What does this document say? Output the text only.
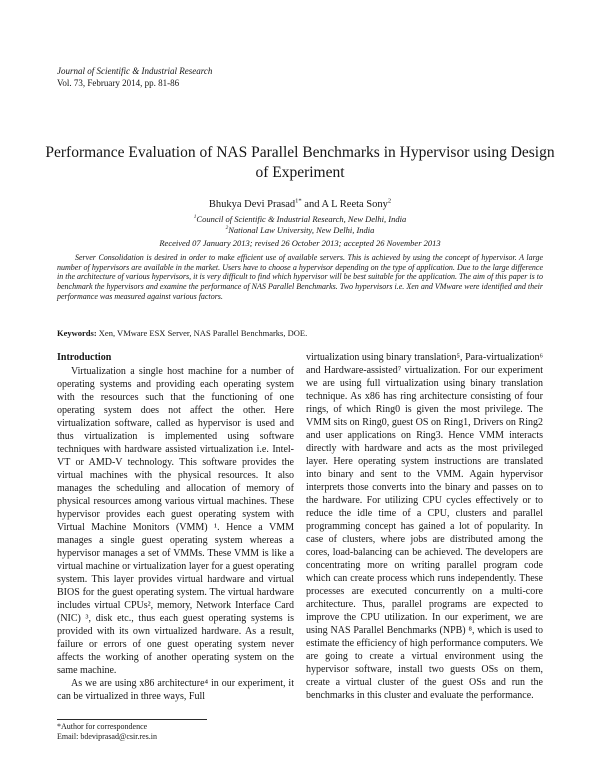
Journal of Scientific & Industrial Research
Vol. 73, February 2014, pp. 81-86
Performance Evaluation of NAS Parallel Benchmarks in Hypervisor using Design of Experiment
Bhukya Devi Prasad$^{1*}$ and A L Reeta Sony$^2$
$^1$Council of Scientific & Industrial Research, New Delhi, India
$^2$National Law University, New Delhi, India
Received 07 January 2013; revised 26 October 2013; accepted 26 November 2013

Server Consolidation is desired in order to make efficient use of available servers. This is achieved by using the concept of hypervisor. A large number of hypervisors are available in the market. Users have to choose a hypervisor depending on the type of application. Due to the large difference in the architecture of various hypervisors, it is very difficult to find which hypervisor will be best suitable for the application. The aim of this paper is to benchmark the hypervisors and examine the performance of NAS Parallel Benchmarks. Two hypervisors i.e. Xen and VMware were identified and their performance was measured against various factors.

Keywords: Xen, VMware ESX Server, NAS Parallel Benchmarks, DOE.

Introduction

Virtualization a single host machine for a number of operating systems and providing each operating system with the resources such that the functioning of one operating system does not affect the other. Here virtualization software, called as hypervisor is used and thus virtualization is implemented using software techniques with hardware assisted virtualization i.e. Intel-VT or AMD-V technology. This software provides the virtual machines with the physical resources. It also manages the scheduling and allocation of memory of physical resources among various virtual machines. These hypervisor provides each guest operating system with Virtual Machine Monitors (VMM) ¹. Hence a VMM manages a single guest operating system whereas a hypervisor manages a set of VMMs. These VMM is like a virtual machine or virtualization layer for a guest operating system. This layer provides virtual hardware and virtual BIOS for the guest operating system. The virtual hardware includes virtual CPUs², memory, Network Interface Card (NIC) ³, disk etc., thus each guest operating systems is provided with its own virtualized hardware. As a result, failure or errors of one guest operating system never affects the working of another operating system on the same machine.

As we are using x86 architecture⁴ in our experiment, it can be virtualized in three ways, Full

virtualization using binary translation⁵, Para-virtualization⁶ and Hardware-assisted⁷ virtualization. For our experiment we are using full virtualization using binary translation technique. As x86 has ring architecture consisting of four rings, of which Ring0 is given the most privilege. The VMM sits on Ring0, guest OS on Ring1, Drivers on Ring2 and user applications on Ring3. Hence VMM interacts directly with hardware and acts as the most privileged layer. Here operating system instructions are translated into binary and sent to the VMM. Again hypervisor interprets those converts into the binary and passes on to the hardware. For utilizing CPU cycles effectively or to reduce the idle time of a CPU, clusters and parallel programming concept has gained a lot of popularity. In case of clusters, where jobs are distributed among the cores, load-balancing can be achieved. The developers are concentrating more on writing parallel program code which can create process which runs independently. These processes are executed concurrently on a multi-core architecture. Thus, parallel programs are expected to improve the CPU utilization. In our experiment, we are using NAS Parallel Benchmarks (NPB) ⁸, which is used to estimate the efficiency of high performance computers. We are going to create a virtual environment using the hypervisor software, install two guests OSs on them, create a virtual cluster of the guest OSs and run the benchmarks in this cluster and evaluate the performance.

*Author for correspondence
Email: bdeviprasad@csir.res.in
